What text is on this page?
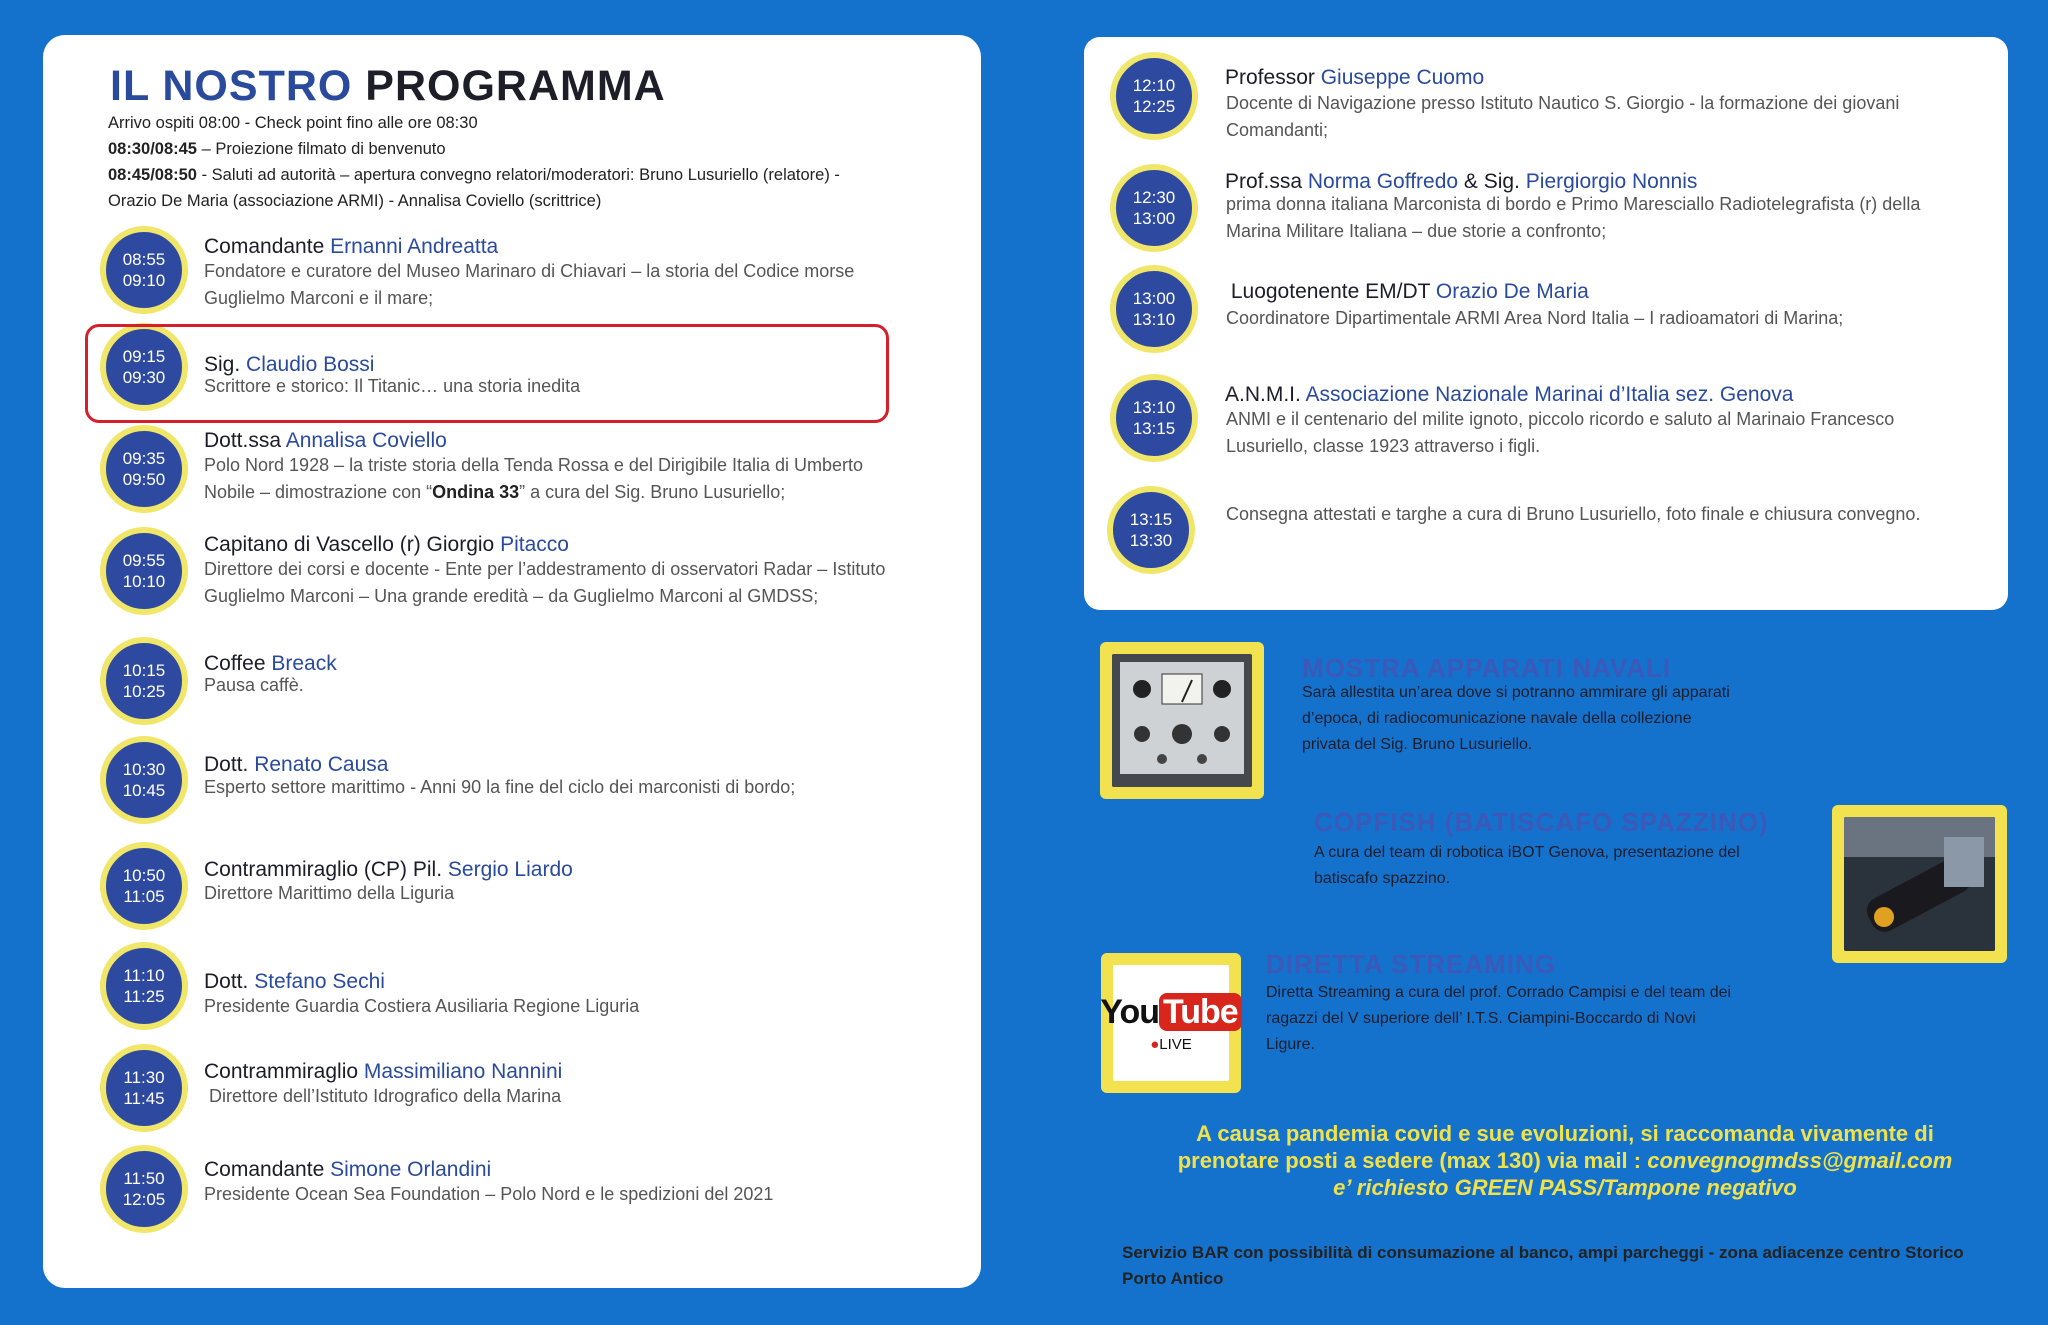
IL NOSTRO PROGRAMMA
Arrivo ospiti 08:00 - Check point fino alle ore 08:30
08:30/08:45 – Proiezione filmato di benvenuto
08:45/08:50 - Saluti ad autorità – apertura convegno relatori/moderatori: Bruno Lusuriello (relatore) -
Orazio De Maria (associazione ARMI) - Annalisa Coviello (scrittrice)
08:55
09:10
Comandante Ernanni Andreatta
Fondatore e curatore del Museo Marinaro di Chiavari – la storia del Codice morse Guglielmo Marconi e il mare;
09:15
09:30
Sig. Claudio Bossi
Scrittore e storico: Il Titanic… una storia inedita
09:35
09:50
Dott.ssa Annalisa Coviello
Polo Nord 1928 – la triste storia della Tenda Rossa e del Dirigibile Italia di Umberto Nobile – dimostrazione con “Ondina 33” a cura del Sig. Bruno Lusuriello;
09:55
10:10
Capitano di Vascello (r) Giorgio Pitacco
Direttore dei corsi e docente - Ente per l’addestramento di osservatori Radar – Istituto Guglielmo Marconi – Una grande eredità – da Guglielmo Marconi al GMDSS;
10:15
10:25
Coffee Breack
Pausa caffè.
10:30
10:45
Dott. Renato Causa
Esperto settore marittimo - Anni 90 la fine del ciclo dei marconisti di bordo;
10:50
11:05
Contrammiraglio (CP) Pil. Sergio Liardo
Direttore Marittimo della Liguria
11:10
11:25
Dott. Stefano Sechi
Presidente Guardia Costiera Ausiliaria Regione Liguria
11:30
11:45
Contrammiraglio Massimiliano Nannini
Direttore dell’Istituto Idrografico della Marina
11:50
12:05
Comandante Simone Orlandini
Presidente Ocean Sea Foundation – Polo Nord e le spedizioni del 2021
12:10
12:25
Professor Giuseppe Cuomo
Docente di Navigazione presso Istituto Nautico S. Giorgio - la formazione dei giovani Comandanti;
12:30
13:00
Prof.ssa Norma Goffredo & Sig. Piergiorgio Nonnis
prima donna italiana Marconista di bordo e Primo Maresciallo Radiotelegrafista (r) della Marina Militare Italiana – due storie a confronto;
13:00
13:10
Luogotenente EM/DT Orazio De Maria
Coordinatore Dipartimentale ARMI Area Nord Italia – I radioamatori di Marina;
13:10
13:15
A.N.M.I. Associazione Nazionale Marinai d’Italia sez. Genova
ANMI e il centenario del milite ignoto, piccolo ricordo e saluto al Marinaio Francesco Lusuriello, classe 1923 attraverso i figli.
13:15
13:30
Consegna attestati e targhe a cura di Bruno Lusuriello, foto finale e chiusura convegno.
MOSTRA APPARATI NAVALI
Sarà allestita un’area dove si potranno ammirare gli apparati d’epoca, di radiocomunicazione navale della collezione privata del Sig. Bruno Lusuriello.
COPFISH (BATISCAFO SPAZZINO)
A cura del team di robotica iBOT Genova, presentazione del batiscafo spazzino.
You Tube
●LIVE
DIRETTA STREAMING
Diretta Streaming a cura del prof. Corrado Campisi e del team dei ragazzi del V superiore dell’ I.T.S. Ciampini-Boccardo di Novi Ligure.
A causa pandemia covid e sue evoluzioni, si raccomanda vivamente di
prenotare posti a sedere (max 130) via mail : convegnogmdss@gmail.com
e’ richiesto GREEN PASS/Tampone negativo
Servizio BAR con possibilità di consumazione al banco, ampi parcheggi - zona adiacenze centro Storico Porto Antico
